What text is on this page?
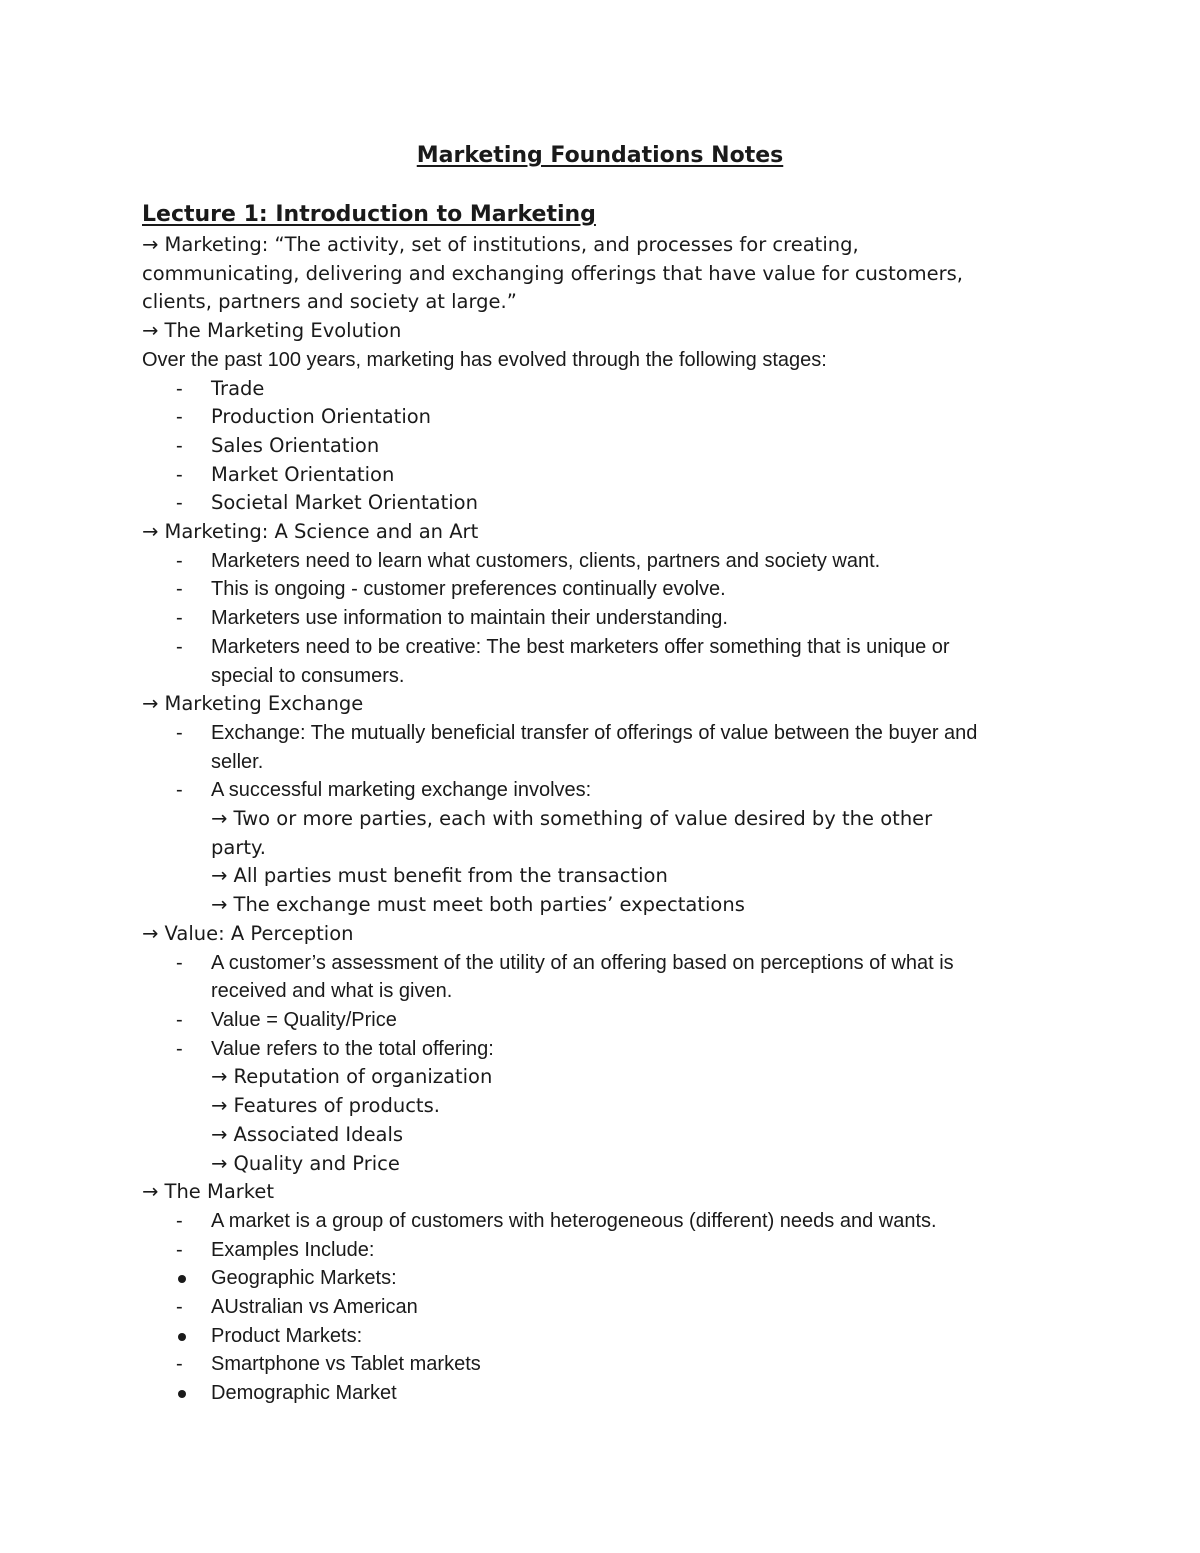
Marketing Foundations Notes
Lecture 1: Introduction to Marketing
→ Marketing: “The activity, set of institutions, and processes for creating,
communicating, delivering and exchanging offerings that have value for customers,
clients, partners and society at large.”
→ The Marketing Evolution
Over the past 100 years, marketing has evolved through the following stages:
- Trade
- Production Orientation
- Sales Orientation
- Market Orientation
- Societal Market Orientation
→ Marketing: A Science and an Art
- Marketers need to learn what customers, clients, partners and society want.
- This is ongoing - customer preferences continually evolve.
- Marketers use information to maintain their understanding.
- Marketers need to be creative: The best marketers offer something that is unique or
special to consumers.
→ Marketing Exchange
- Exchange: The mutually beneficial transfer of offerings of value between the buyer and
seller.
- A successful marketing exchange involves:
→ Two or more parties, each with something of value desired by the other
party.
→ All parties must benefit from the transaction
→ The exchange must meet both parties’ expectations
→ Value: A Perception
- A customer’s assessment of the utility of an offering based on perceptions of what is
received and what is given.
- Value = Quality/Price
- Value refers to the total offering:
→ Reputation of organization
→ Features of products.
→ Associated Ideals
→ Quality and Price
→ The Market
- A market is a group of customers with heterogeneous (different) needs and wants.
- Examples Include:
Geographic Markets:
- AUstralian vs American
Product Markets:
- Smartphone vs Tablet markets
Demographic Market
